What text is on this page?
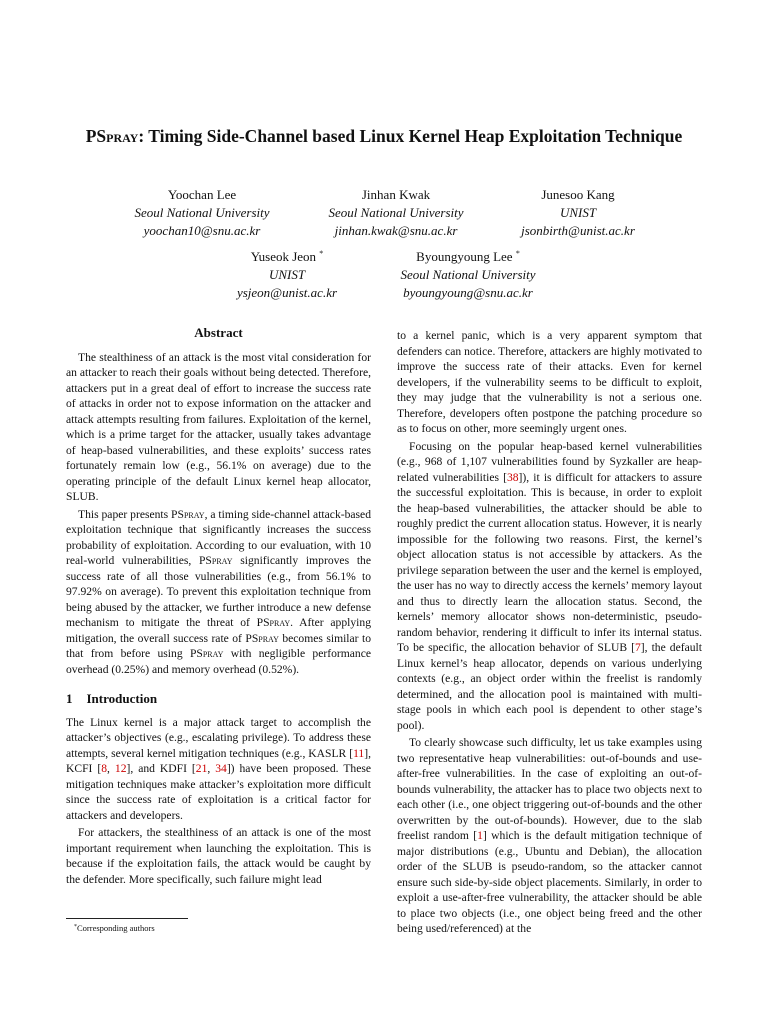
PSpray: Timing Side-Channel based Linux Kernel Heap Exploitation Technique
Yoochan Lee
Seoul National University
yoochan10@snu.ac.kr
Jinhan Kwak
Seoul National University
jinhan.kwak@snu.ac.kr
Junesoo Kang
UNIST
jsonbirth@unist.ac.kr
Yuseok Jeon *
UNIST
ysjeon@unist.ac.kr
Byoungyoung Lee *
Seoul National University
byoungyoung@snu.ac.kr
Abstract

The stealthiness of an attack is the most vital consideration for an attacker to reach their goals without being detected. Therefore, attackers put in a great deal of effort to increase the success rate of attacks in order not to expose information on the attacker and attack attempts resulting from failures. Exploitation of the kernel, which is a prime target for the attacker, usually takes advantage of heap-based vulnerabilities, and these exploits’ success rates fortunately remain low (e.g., 56.1% on average) due to the operating principle of the default Linux kernel heap allocator, SLUB.

This paper presents PSpray, a timing side-channel attack-based exploitation technique that significantly increases the success probability of exploitation. According to our evaluation, with 10 real-world vulnerabilities, PSpray significantly improves the success rate of all those vulnerabilities (e.g., from 56.1% to 97.92% on average). To prevent this exploitation technique from being abused by the attacker, we further introduce a new defense mechanism to mitigate the threat of PSpray. After applying mitigation, the overall success rate of PSpray becomes similar to that from before using PSpray with negligible performance overhead (0.25%) and memory overhead (0.52%).

1 Introduction

The Linux kernel is a major attack target to accomplish the attacker’s objectives (e.g., escalating privilege). To address these attempts, several kernel mitigation techniques (e.g., KASLR [11], KCFI [8, 12], and KDFI [21, 34]) have been proposed. These mitigation techniques make attacker’s exploitation more difficult since the success rate of exploitation is a critical factor for attackers and developers.

For attackers, the stealthiness of an attack is one of the most important requirement when launching the exploitation. This is because if the exploitation fails, the attack would be caught by the defender. More specifically, such failure might lead

to a kernel panic, which is a very apparent symptom that defenders can notice. Therefore, attackers are highly motivated to improve the success rate of their attacks. Even for kernel developers, if the vulnerability seems to be difficult to exploit, they may judge that the vulnerability is not a serious one. Therefore, developers often postpone the patching procedure so as to focus on other, more seemingly urgent ones.

Focusing on the popular heap-based kernel vulnerabilities (e.g., 968 of 1,107 vulnerabilities found by Syzkaller are heap-related vulnerabilities [38]), it is difficult for attackers to assure the successful exploitation. This is because, in order to exploit the heap-based vulnerabilities, the attacker should be able to roughly predict the current allocation status. However, it is nearly impossible for the following two reasons. First, the kernel’s object allocation status is not accessible by attackers. As the privilege separation between the user and the kernel is employed, the user has no way to directly access the kernels’ memory layout and thus to directly learn the allocation status. Second, the kernels’ memory allocator shows non-deterministic, pseudo-random behavior, rendering it difficult to infer its internal status. To be specific, the allocation behavior of SLUB [7], the default Linux kernel’s heap allocator, depends on various underlying contexts (e.g., an object order within the freelist is randomly determined, and the allocation pool is maintained with multi-stage pools in which each pool is dependent to other stage’s pool).

To clearly showcase such difficulty, let us take examples using two representative heap vulnerabilities: out-of-bounds and use-after-free vulnerabilities. In the case of exploiting an out-of-bounds vulnerability, the attacker has to place two objects next to each other (i.e., one object triggering out-of-bounds and the other overwritten by the out-of-bounds). However, due to the slab freelist random [1] which is the default mitigation technique of major distributions (e.g., Ubuntu and Debian), the allocation order of the SLUB is pseudo-random, so the attacker cannot ensure such side-by-side object placements. Similarly, in order to exploit a use-after-free vulnerability, the attacker should be able to place two objects (i.e., one object being freed and the other being used/referenced) at the

*Corresponding authors
